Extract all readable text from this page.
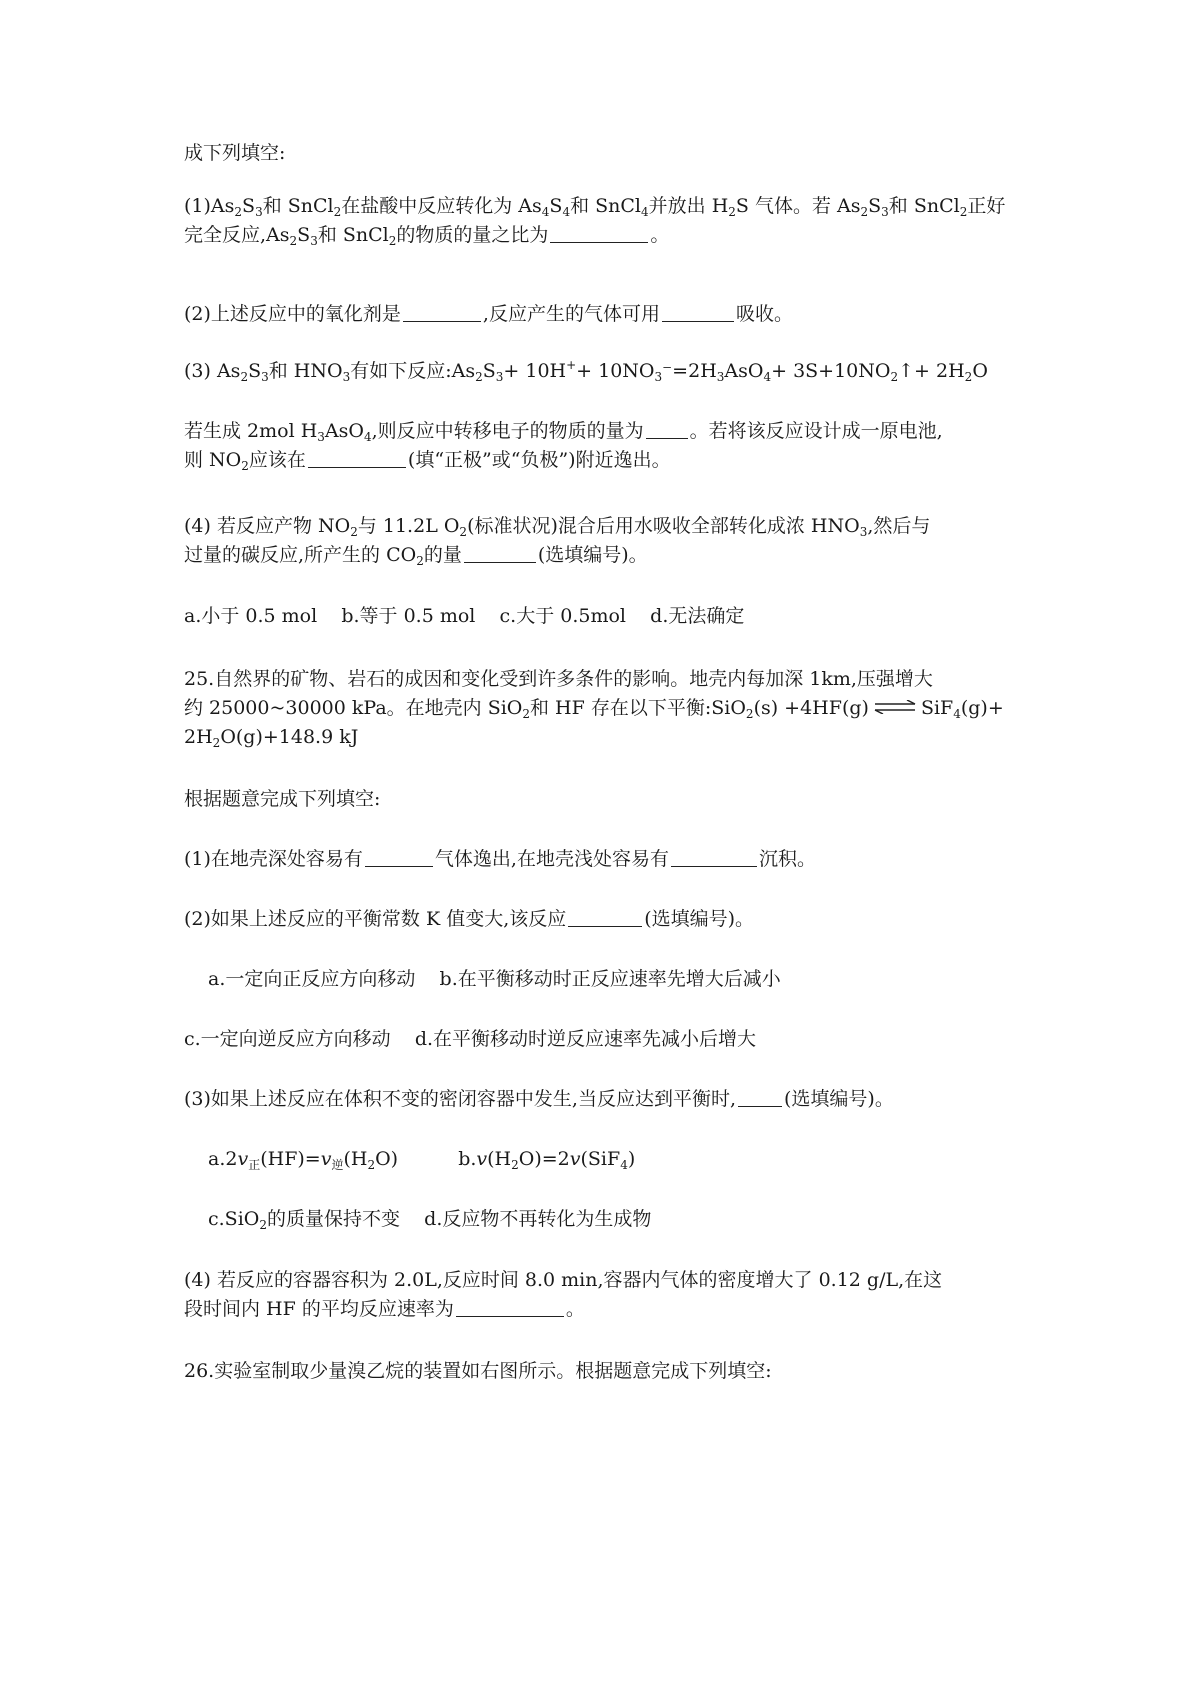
成下列填空:
$(1)As_2S_3$和 SnCl$_2$在盐酸中反应转化为 $As_4S_4$和 SnCl$_4$并放出 $H_2S$ 气体。若 $As_2S_3$和 SnCl$_2$正好
完全反应$,As_2S_3$和 SnCl$_2$的物质的量之比为	。
(2)上述反应中的氧化剂是	,反应产生的气体可用	吸收。
(3) $As_2S_3$和 $HNO_3$有如下反应$:As_2S_3+ 10H^++ 10NO_3^-=2H_3AsO_4+$ $3S+10NO_2↑+ 2H_2O$
若生成 2mol $H_3AsO_4$,则反应中转移电子的物质的量为 。若将该反应设计成一原电池,
则 $NO_2$应该在	(填“正极”或“负极”)附近逸出。
(4) 若反应产物 $NO_2$与 11.2L $O_2$(标准状况)混合后用水吸收全部转化成浓 $HNO_3$,然后与
过量的碳反应,所产生的 $CO_2$的量	(选填编号)。
a.小于 0.5 mol    b.等于 0.5 mol    c.大于 0.5mol    d.无法确定
25.自然界的矿物、岩石的成因和变化受到许多条件的影响。地壳内每加深 1km,压强增大
约 25000~30000 kPa。在地壳内 SiO$_2$和 HF 存在以下平衡:SiO$_2$(s) +4HF(g) ⇌ SiF$_4$(g)+
$2H_2O(g)+148.9$ kJ
根据题意完成下列填空:
(1)在地壳深处容易有	气体逸出,在地壳浅处容易有	沉积。
(2)如果上述反应的平衡常数 K 值变大,该反应	(选填编号)。
a.一定向正反应方向移动    b.在平衡移动时正反应速率先增大后减小
c.一定向逆反应方向移动    d.在平衡移动时逆反应速率先减小后增大
(3)如果上述反应在体积不变的密闭容器中发生,当反应达到平衡时,	(选填编号)。
$a.2v_正(HF)=v_逆(H_2O)$	$b.v(H_2O)=2v(SiF_4)$
c.SiO$_2$的质量保持不变    d.反应物不再转化为生成物
(4) 若反应的容器容积为 2.0L,反应时间 8.0 min,容器内气体的密度增大了 0.12 g/L,在这
段时间内 HF 的平均反应速率为	。
26.实验室制取少量溴乙烷的装置如右图所示。根据题意完成下列填空:
